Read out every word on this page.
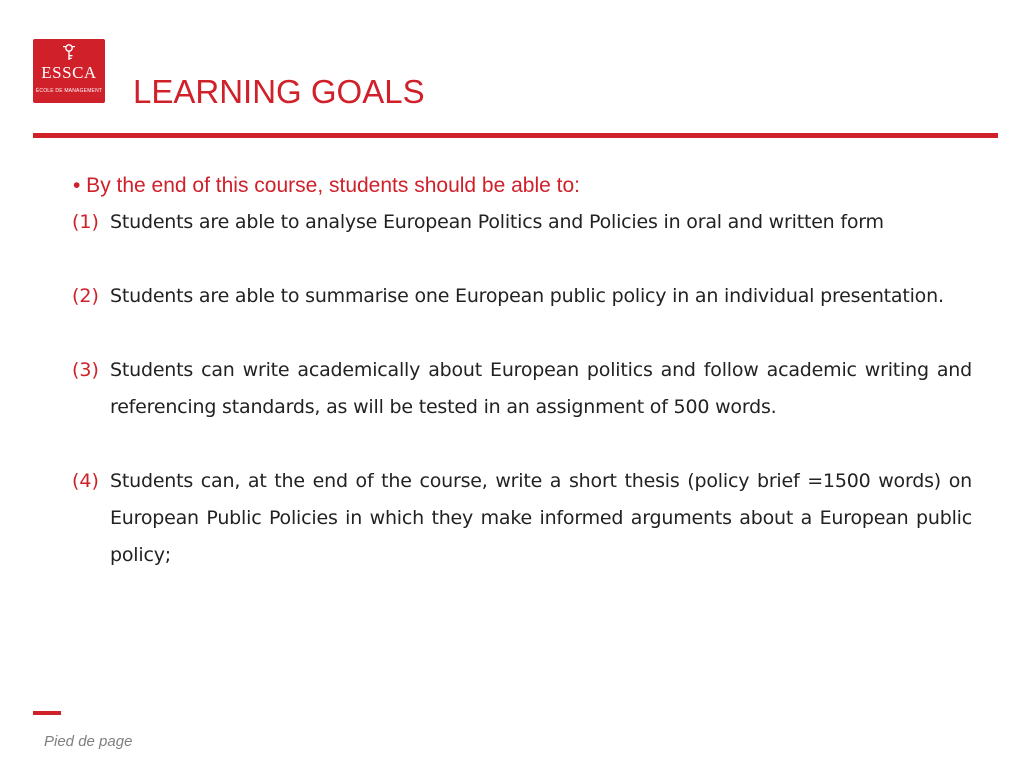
ESSCA
ÉCOLE DE MANAGEMENT LEARNING GOALS
• By the end of this course, students should be able to:
(1) Students are able to analyse European Politics and Policies in oral and written form
(2) Students are able to summarise one European public policy in an individual presentation.
(3) Students can write academically about European politics and follow academic writing and referencing standards, as will be tested in an assignment of 500 words.
(4) Students can, at the end of the course, write a short thesis (policy brief =1500 words) on European Public Policies in which they make informed arguments about a European public policy;
Pied de page
